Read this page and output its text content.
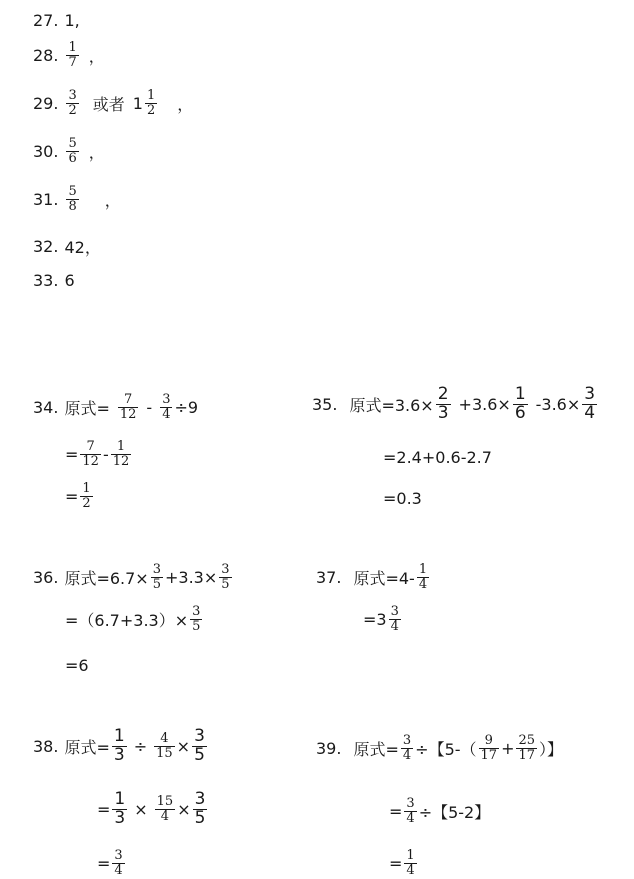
27. 1,
28. $\frac{1}{7}$ ，
29. $\frac{3}{2}$ 或者 $1 \frac{1}{2}$ ，
30. $\frac{5}{6}$ ，
31. $\frac{5}{8}$ ，
32. 42，
33. 6
34. 原式= $\frac{7}{12} - \frac{3}{4} \div 9$
= $\frac{7}{12} - \frac{1}{12}$
= $\frac{1}{2}$
35. 原式$=3.6\times \frac{2}{3} +3.6\times \frac{1}{6} -3.6\times \frac{3}{4}$
=2.4+0.6-2.7
=0.3
36. 原式$=6.7\times \frac{3}{5} +3.3\times \frac{3}{5}$
$=(6.7+3.3)\times \frac{3}{5}$
=6
37. 原式$=4- \frac{1}{4}$
$=3 \frac{3}{4}$
38. 原式= $\frac{1}{3} \div \frac{4}{15} \times \frac{3}{5}$
= $\frac{1}{3} \times \frac{15}{4} \times \frac{3}{5}$
= $\frac{3}{4}$
39. 原式= $\frac{3}{4}$ ÷【$5-( \frac{9}{17} + \frac{25}{17}$ ）】
= $\frac{3}{4}$ ÷【5-2】
= $\frac{1}{4}$
